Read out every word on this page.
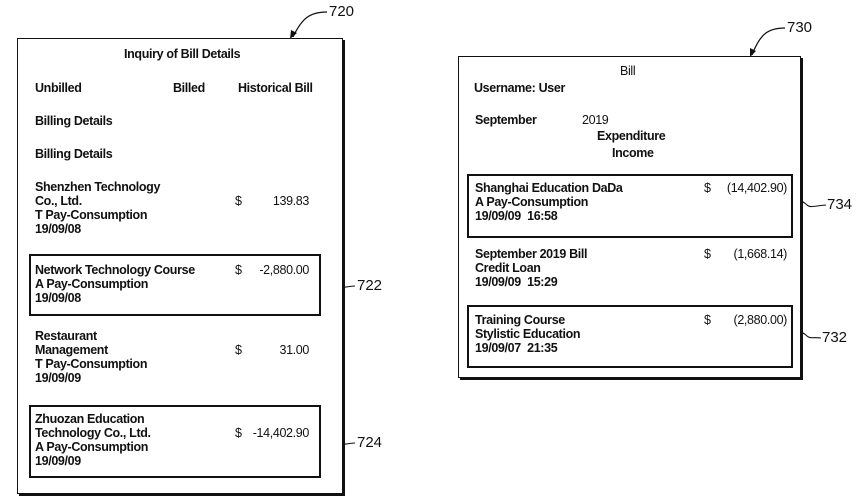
720
730
722
724
734
732
Inquiry of Bill Details
Unbilled	Billed	Historical Bill
Billing Details
Billing Details
Shenzhen Technology
Co., Ltd.
T Pay-Consumption
19/09/08
$	139.83
Network Technology Course
A Pay-Consumption
19/09/08
$	-2,880.00
Restaurant
Management
T Pay-Consumption
19/09/09
$	31.00
Zhuozan Education
Technology Co., Ltd.
A Pay-Consumption
19/09/09
$ -14,402.90
Bill
Username: User
September	2019
Expenditure
Income
Shanghai Education DaDa
A Pay-Consumption
19/09/09  16:58
$	(14,402.90)
September 2019 Bill
Credit Loan
19/09/09  15:29
$	(1,668.14)
Training Course
Stylistic Education
19/09/07  21:35
$	(2,880.00)
